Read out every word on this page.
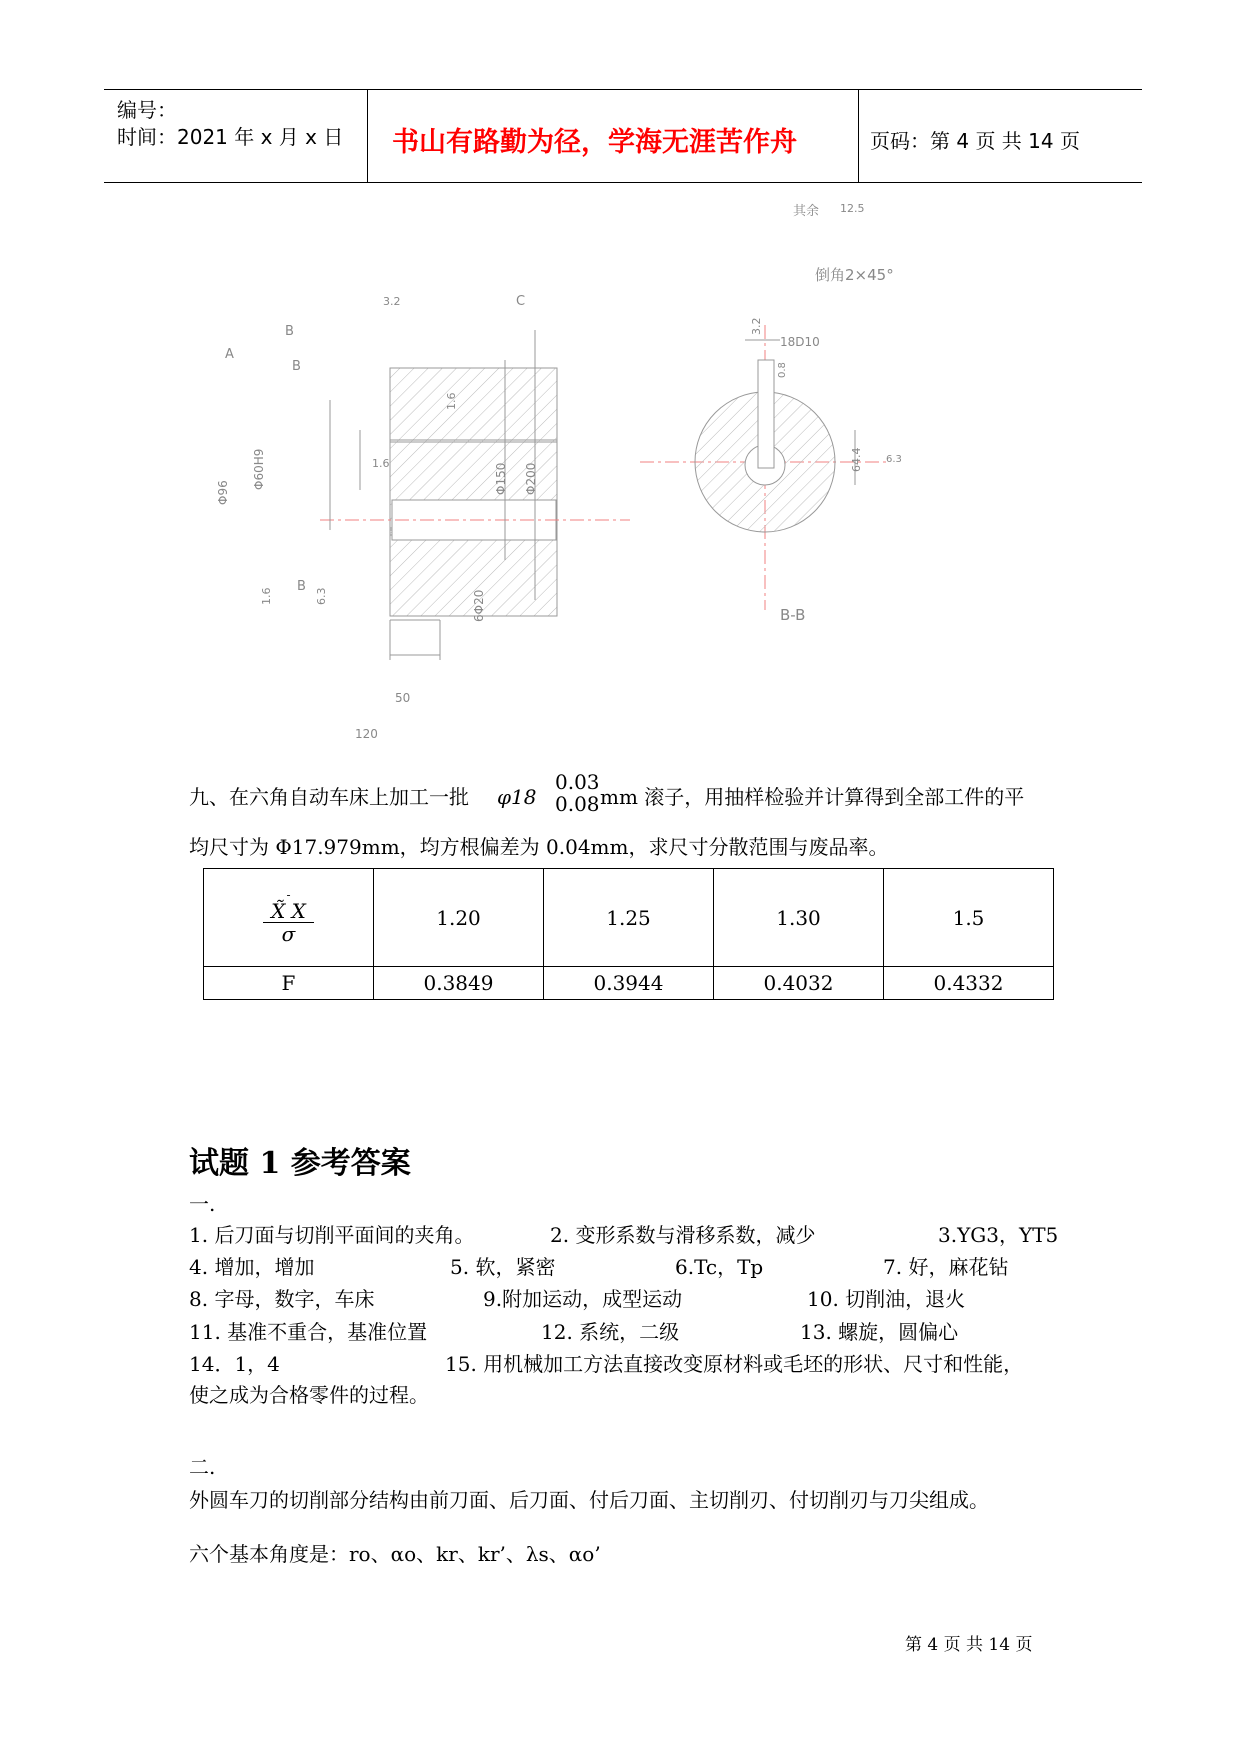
编号：
时间：2021 年 x 月 x 日 书山有路勤为径，学海无涯苦作舟	页码：第 4 页 共 14 页
其余 12.5
倒角2×45°
3.2	C
B
A
B
B
1.6
Φ60H9
Φ96
1.6	Φ150 Φ200
1.6	6.3	6Φ20
50
120
3.2
18D10
0.8
64.4 6.3
B-B
九、在六角自动车床上加工一批 φ18
0.03
0.08 mm 滚子，用抽样检验并计算得到全部工件的平
均尺寸为 Φ17.979mm，均方根偏差为 0.04mm，求尺寸分散范围与废品率。
-
X̃ X
σ	1.20	1.25	1.30	1.5
F	0.3849	0.3944	0.4032	0.4332
试题 1 参考答案
一.
1. 后刀面与切削平面间的夹角。	2. 变形系数与滑移系数，减少	3.YG3，YT5
4. 增加，增加	5. 软，紧密	6.Tc，Tp	7. 好，麻花钻
8. 字母，数字，车床	9.附加运动，成型运动	10. 切削油，退火
11. 基准不重合，基准位置	12. 系统，二级	13. 螺旋，圆偏心
14．1，4	15. 用机械加工方法直接改变原材料或毛坯的形状、尺寸和性能，
使之成为合格零件的过程。
二.
外圆车刀的切削部分结构由前刀面、后刀面、付后刀面、主切削刃、付切削刃与刀尖组成。
六个基本角度是：ro、αo、kr、kr’、λs、αo’
第 4 页 共 14 页
